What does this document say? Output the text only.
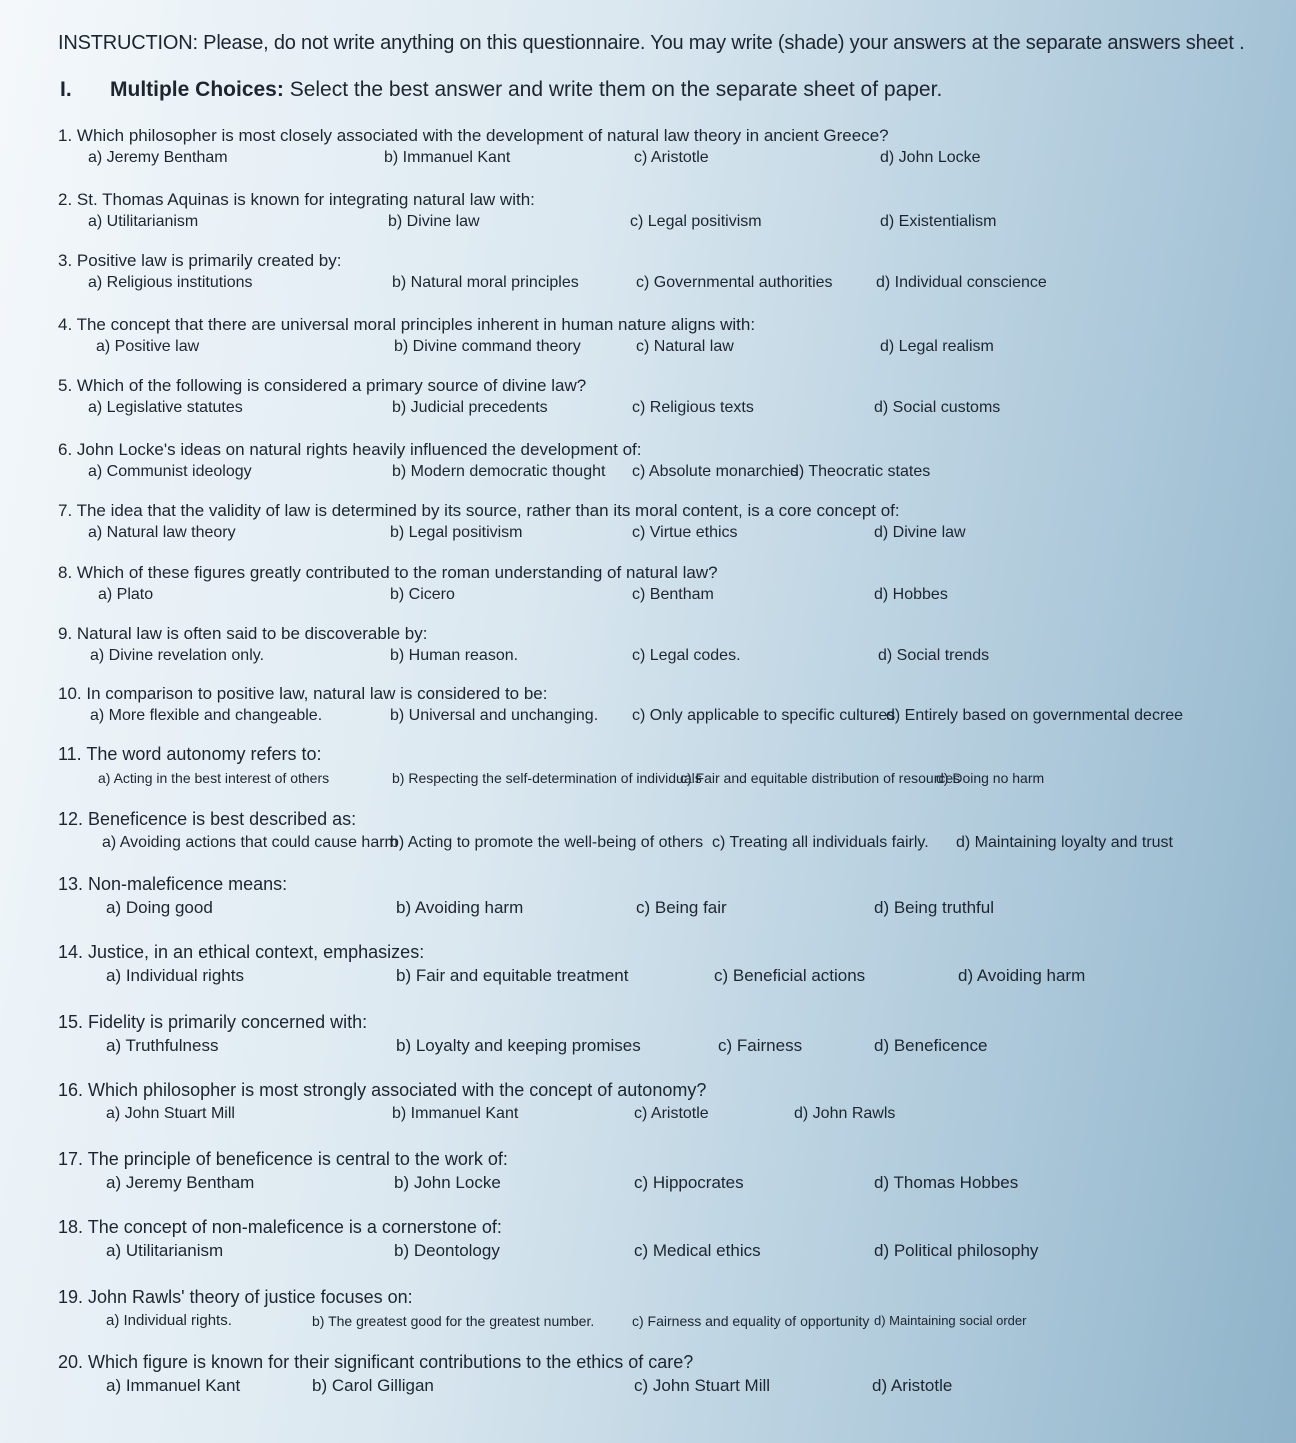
INSTRUCTION: Please, do not write anything on this questionnaire. You may write (shade) your answers at the separate answers sheet .
I. Multiple Choices: Select the best answer and write them on the separate sheet of paper.
1. Which philosopher is most closely associated with the development of natural law theory in ancient Greece?
a) Jeremy Bentham	b) Immanuel Kant	c) Aristotle	d) John Locke
2. St. Thomas Aquinas is known for integrating natural law with:
a) Utilitarianism	b) Divine law	c) Legal positivism	d) Existentialism
3. Positive law is primarily created by:
a) Religious institutions	b) Natural moral principles	c) Governmental authorities	d) Individual conscience
4. The concept that there are universal moral principles inherent in human nature aligns with:
a) Positive law	b) Divine command theory	c) Natural law	d) Legal realism
5. Which of the following is considered a primary source of divine law?
a) Legislative statutes	b) Judicial precedents	c) Religious texts	d) Social customs
6. John Locke's ideas on natural rights heavily influenced the development of:
a) Communist ideology	b) Modern democratic thought c) Absolute monarchies
d) Theocratic states
7. The idea that the validity of law is determined by its source, rather than its moral content, is a core concept of:
a) Natural law theory	b) Legal positivism	c) Virtue ethics	d) Divine law
8. Which of these figures greatly contributed to the roman understanding of natural law?
a) Plato	b) Cicero	c) Bentham	d) Hobbes
9. Natural law is often said to be discoverable by:
a) Divine revelation only.	b) Human reason.	c) Legal codes.	d) Social trends
10. In comparison to positive law, natural law is considered to be:
a) More flexible and changeable.	b) Universal and unchanging. c) Only applicable to specific cultures
d) Entirely based on governmental decree
11. The word autonomy refers to:
a) Acting in the best interest of others	b) Respecting the self-determination of individuals
c) Fair and equitable distribution of resources
d) Doing no harm
12. Beneficence is best described as:
a) Avoiding actions that could cause harm
b) Acting to promote the well-being of others c) Treating all individuals fairly. d) Maintaining loyalty and trust
13. Non-maleficence means:
a) Doing good	b) Avoiding harm	c) Being fair	d) Being truthful
14. Justice, in an ethical context, emphasizes:
a) Individual rights	b) Fair and equitable treatment	c) Beneficial actions	d) Avoiding harm
15. Fidelity is primarily concerned with:
a) Truthfulness	b) Loyalty and keeping promises	c) Fairness	d) Beneficence
16. Which philosopher is most strongly associated with the concept of autonomy?
a) John Stuart Mill	b) Immanuel Kant	c) Aristotle	d) John Rawls
17. The principle of beneficence is central to the work of:
a) Jeremy Bentham	b) John Locke	c) Hippocrates	d) Thomas Hobbes
18. The concept of non-maleficence is a cornerstone of:
a) Utilitarianism	b) Deontology	c) Medical ethics	d) Political philosophy
19. John Rawls' theory of justice focuses on:
a) Individual rights.	b) The greatest good for the greatest number.	c) Fairness and equality of opportunity d) Maintaining social order
20. Which figure is known for their significant contributions to the ethics of care?
a) Immanuel Kant	b) Carol Gilligan	c) John Stuart Mill	d) Aristotle
